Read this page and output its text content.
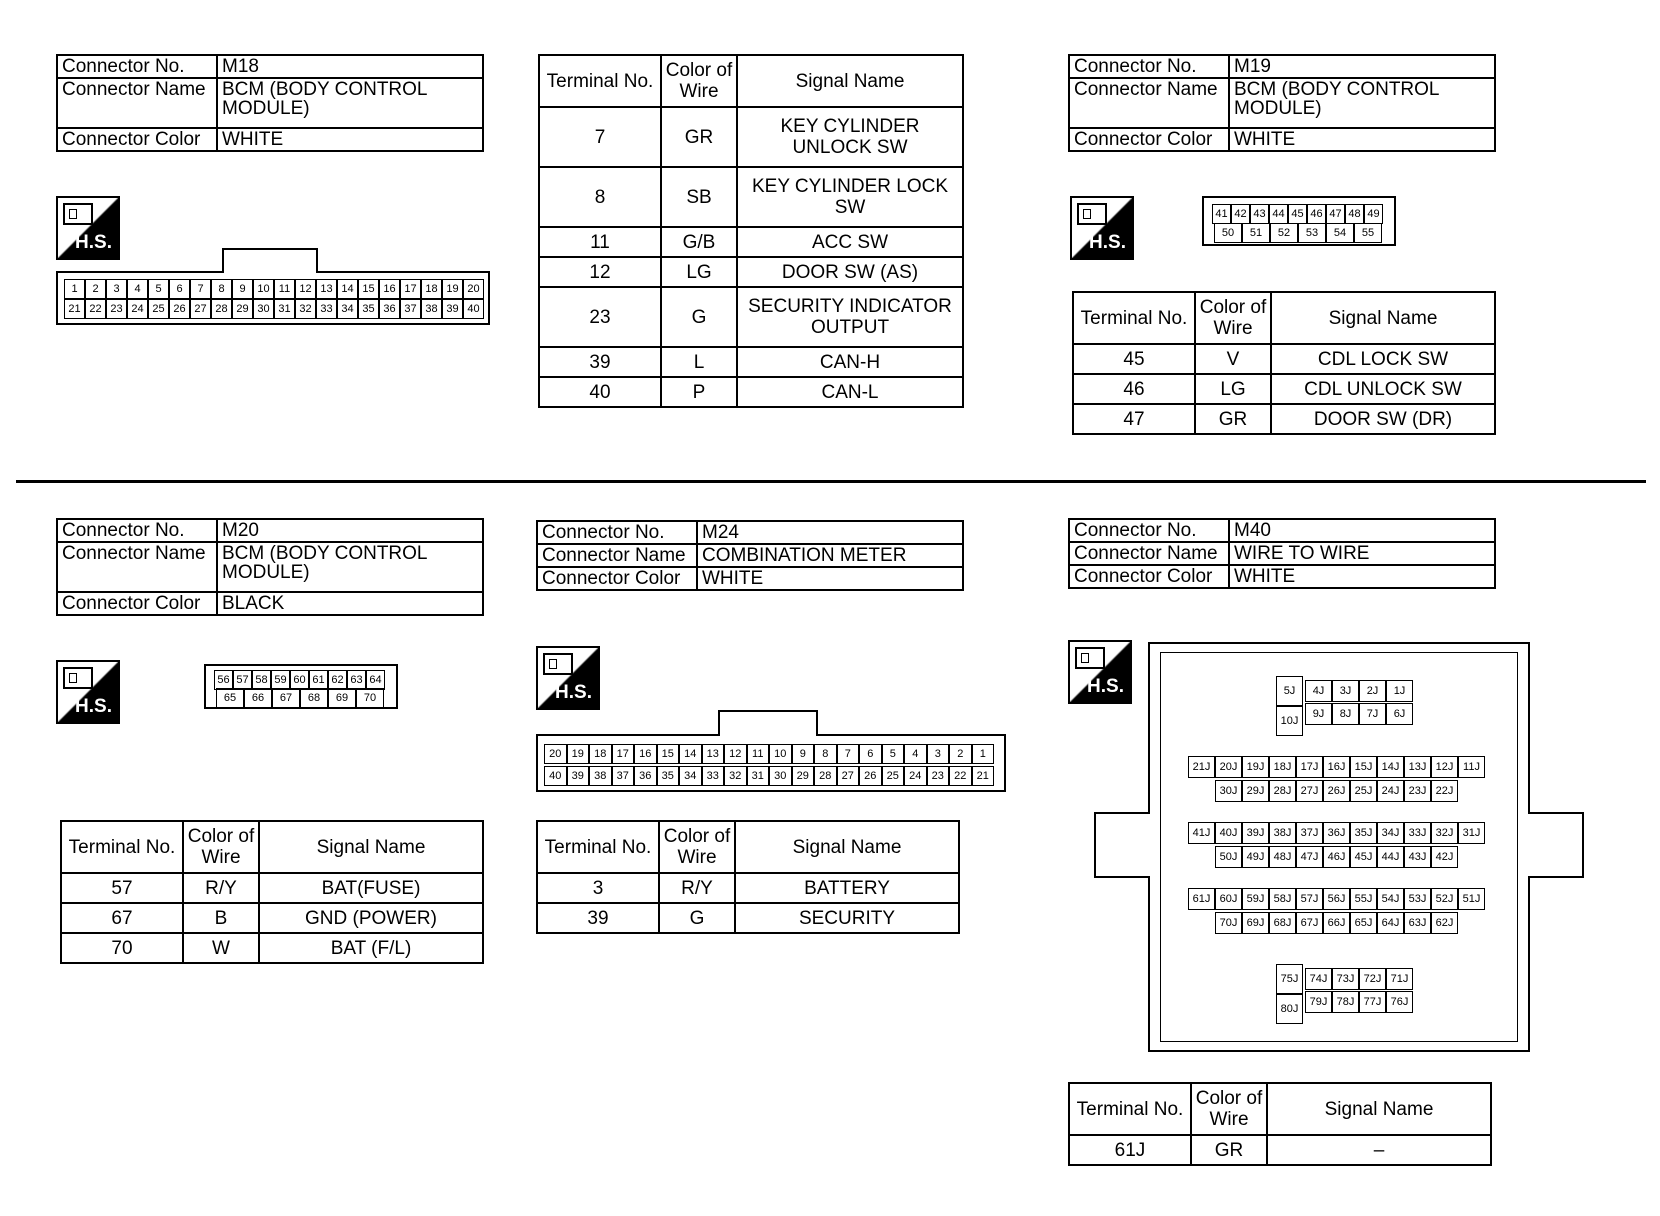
Connector No.	M18
Connector Name	BCM (BODY CONTROL MODULE)
Connector Color	WHITE
H.S.
1	2	3	4	5	6	7	8	9	10 11 12 13 14 15 16 17 18 19 20
21 22 23 24 25 26 27 28 29 30 31 32 33 34 35 36 37 38 39 40
Terminal No.	Color of Wire	Signal Name
7	GR	KEY CYLINDER UNLOCK SW
8	SB	KEY CYLINDER LOCK SW
11	G/B	ACC SW
12	LG	DOOR SW (AS)
23	G	SECURITY INDICATOR OUTPUT
39	L	CAN-H
40	P	CAN-L
Connector No.	M19
Connector Name	BCM (BODY CONTROL MODULE)
Connector Color	WHITE
H.S.
41 42 43 44 45 46 47 48 49
50	51	52	53	54	55
Terminal No.	Color of Wire	Signal Name
45	V	CDL LOCK SW
46	LG	CDL UNLOCK SW
47	GR	DOOR SW (DR)
Connector No.	M20
Connector Name	BCM (BODY CONTROL MODULE)
Connector Color	BLACK
H.S.
56 57 58 59 60 61 62 63 64
65	66	67	68	69	70
Terminal No.	Color of Wire	Signal Name
57	R/Y	BAT(FUSE)
67	B	GND (POWER)
70	W	BAT (F/L)
Connector No.	M24
Connector Name	COMBINATION METER
Connector Color	WHITE
H.S.
20 19 18 17 16 15 14 13 12 11 10	9	8	7	6	5	4	3	2	1
40 39 38 37 36 35 34 33 32 31 30 29 28 27 26 25 24 23 22 21
Terminal No.	Color of Wire	Signal Name
3	R/Y	BATTERY
39	G	SECURITY
Connector No.	M40
Connector Name	WIRE TO WIRE
Connector Color	WHITE
H.S.	5J
10J
4J	3J	2J	1J
9J	8J	7J	6J
21J 20J 19J 18J 17J 16J 15J 14J 13J 12J 11J
30J 29J 28J 27J 26J 25J 24J 23J 22J
41J 40J 39J 38J 37J 36J 35J 34J 33J 32J 31J
50J 49J 48J 47J 46J 45J 44J 43J 42J
61J 60J 59J 58J 57J 56J 55J 54J 53J 52J 51J
70J 69J 68J 67J 66J 65J 64J 63J 62J
75J
80J
74J 73J 72J 71J
79J 78J 77J 76J
Terminal No.	Color of Wire	Signal Name
61J	GR	–
